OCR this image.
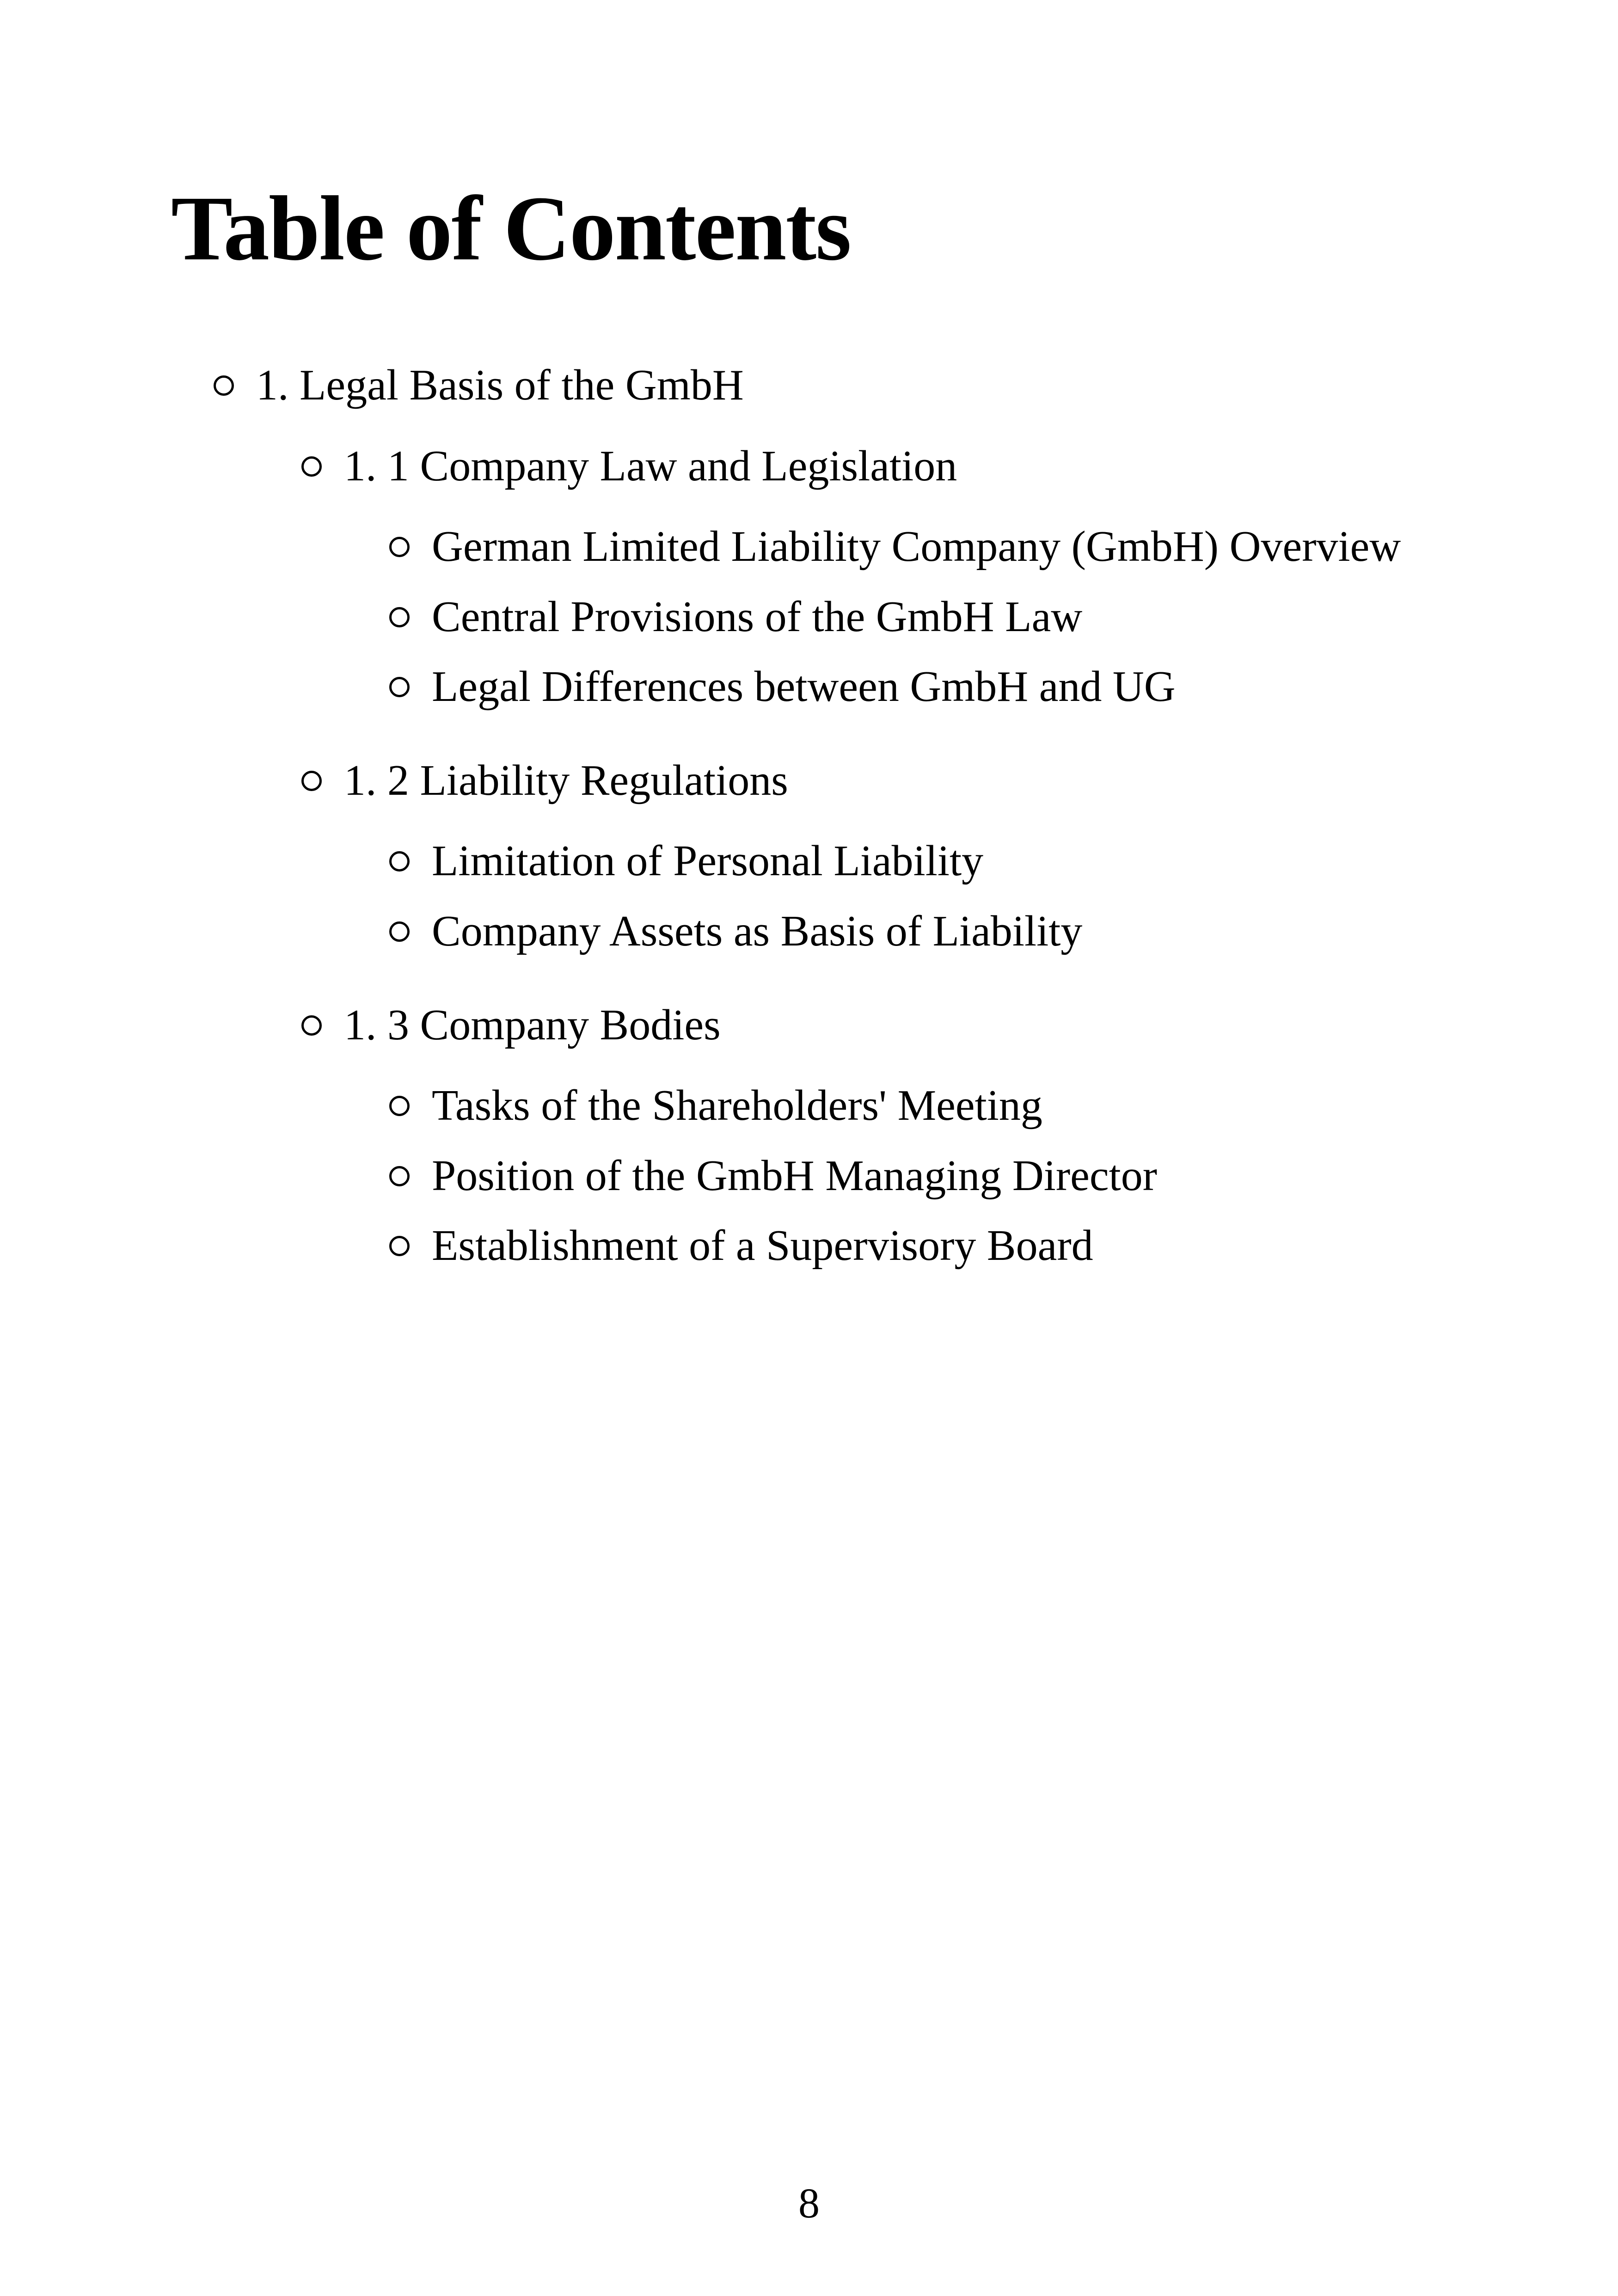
Table of Contents
1. Legal Basis of the GmbH
1. 1 Company Law and Legislation
German Limited Liability Company (GmbH) Overview
Central Provisions of the GmbH Law
Legal Differences between GmbH and UG
1. 2 Liability Regulations
Limitation of Personal Liability
Company Assets as Basis of Liability
1. 3 Company Bodies
Tasks of the Shareholders' Meeting
Position of the GmbH Managing Director
Establishment of a Supervisory Board
8
